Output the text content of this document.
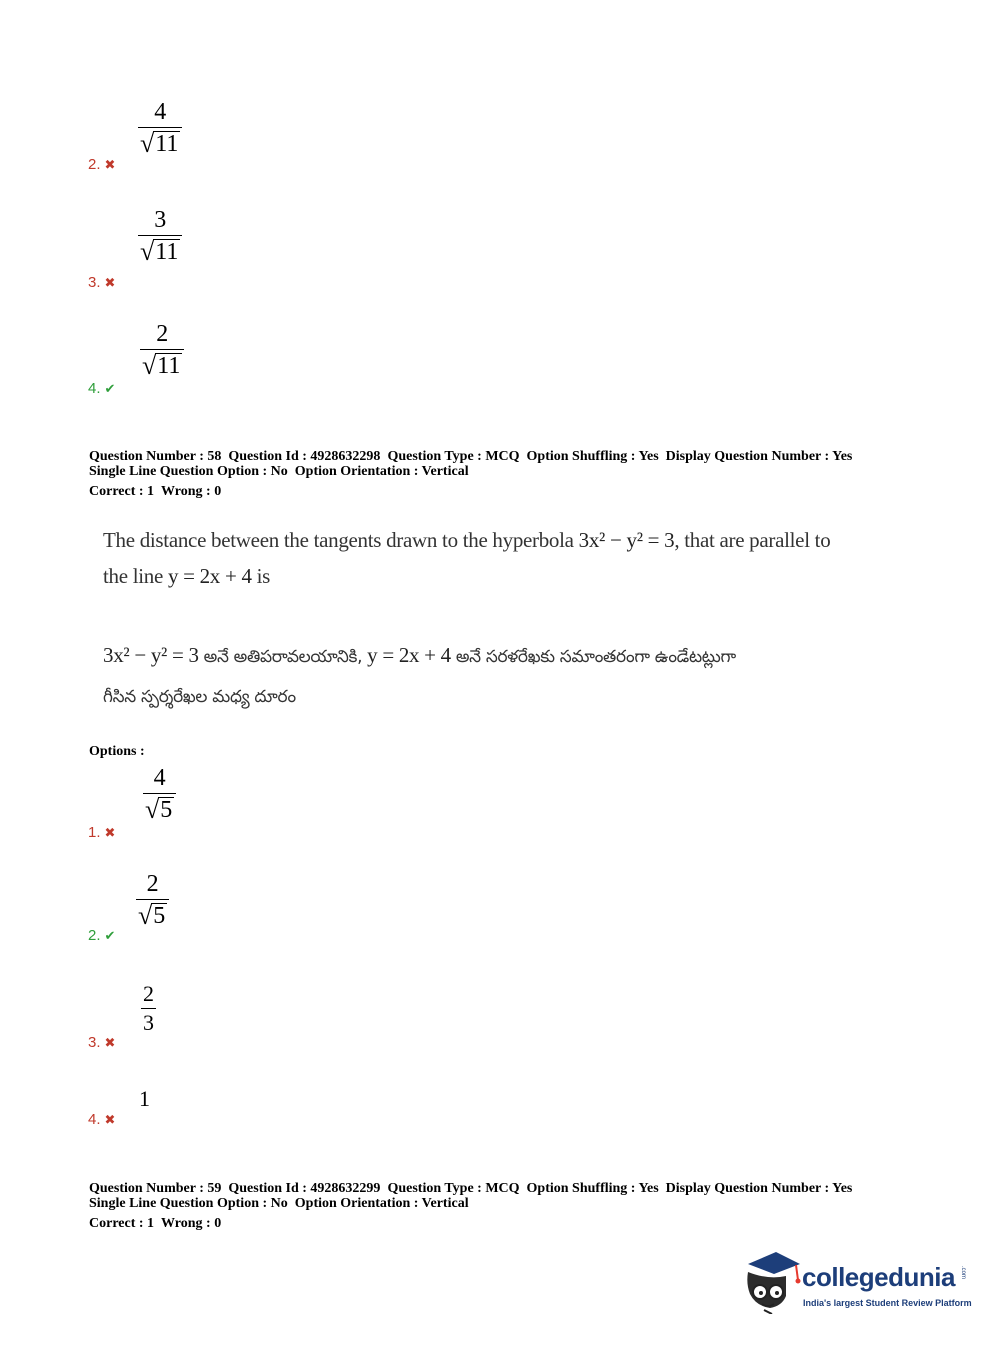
$\frac{4}{√ 11}$
2. ✖
$\frac{3}{√ 11}$
3. ✖
$\frac{2}{√ 11}$
4. ✔
Question Number : 58 Question Id : 4928632298 Question Type : MCQ Option Shuffling : Yes Display Question Number : Yes
Single Line Question Option : No Option Orientation : Vertical
Correct : 1 Wrong : 0
The distance between the tangents drawn to the hyperbola 3x² − y² = 3, that are parallel to
the line y = 2x + 4 is
3x² − y² = 3 అనే అతిపరావలయానికి, y = 2x + 4 అనే సరళరేఖకు సమాంతరంగా ఉండేటట్లుగా
గీసిన స్పర్శరేఖల మధ్య దూరం
Options :
$\frac{4}{√ 5}$
1. ✖
$\frac{2}{√ 5}$
2. ✔
$\frac{2}{3}$
3. ✖
1
4. ✖
Question Number : 59 Question Id : 4928632299 Question Type : MCQ Option Shuffling : Yes Display Question Number : Yes
Single Line Question Option : No Option Orientation : Vertical
Correct : 1 Wrong : 0
collegedunia .com
India's largest Student Review Platform
